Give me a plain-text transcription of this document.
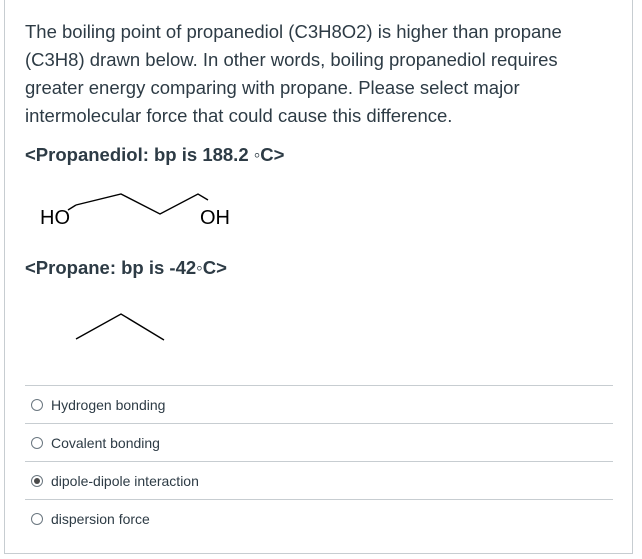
The boiling point of propanediol (C3H8O2) is higher than propane (C3H8) drawn below. In other words, boiling propanediol requires greater energy comparing with propane. Please select major intermolecular force that could cause this difference.
<Propanediol: bp is 188.2 ◦C>
HO	OH
<Propane: bp is -42◦C>
Hydrogen bonding
Covalent bonding
dipole-dipole interaction
dispersion force
